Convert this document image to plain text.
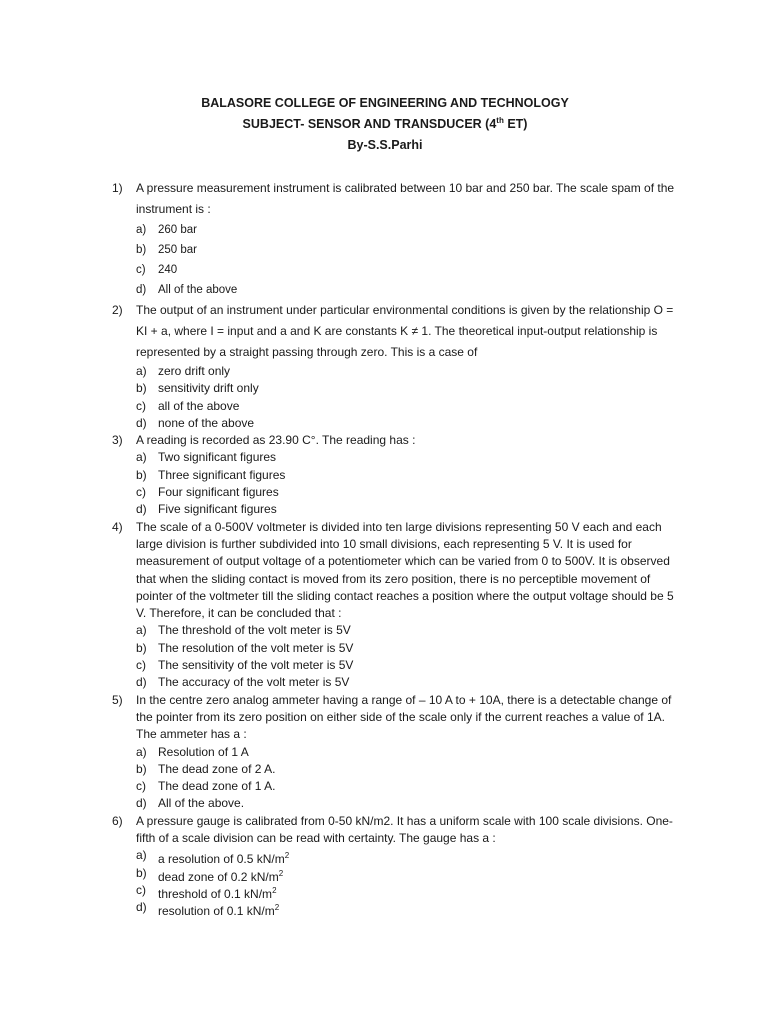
BALASORE COLLEGE OF ENGINEERING AND TECHNOLOGY
SUBJECT- SENSOR AND TRANSDUCER (4th ET)
By-S.S.Parhi
1) A pressure measurement instrument is calibrated between 10 bar and 250 bar. The scale spam of the instrument is :
a) 260 bar
b) 250 bar
c) 240
d) All of the above
2) The output of an instrument under particular environmental conditions is given by the relationship O = KI + a, where I = input and a and K are constants K ≠ 1. The theoretical input-output relationship is represented by a straight passing through zero. This is a case of
a) zero drift only
b) sensitivity drift only
c) all of the above
d) none of the above
3) A reading is recorded as 23.90 C°. The reading has :
a) Two significant figures
b) Three significant figures
c) Four significant figures
d) Five significant figures
4) The scale of a 0-500V voltmeter is divided into ten large divisions representing 50 V each and each large division is further subdivided into 10 small divisions, each representing 5 V. It is used for measurement of output voltage of a potentiometer which can be varied from 0 to 500V. It is observed that when the sliding contact is moved from its zero position, there is no perceptible movement of pointer of the voltmeter till the sliding contact reaches a position where the output voltage should be 5 V. Therefore, it can be concluded that :
a) The threshold of the volt meter is 5V
b) The resolution of the volt meter is 5V
c) The sensitivity of the volt meter is 5V
d) The accuracy of the volt meter is 5V
5) In the centre zero analog ammeter having a range of – 10 A to + 10A, there is a detectable change of the pointer from its zero position on either side of the scale only if the current reaches a value of 1A. The ammeter has a :
a) Resolution of 1 A
b) The dead zone of 2 A.
c) The dead zone of 1 A.
d) All of the above.
6) A pressure gauge is calibrated from 0-50 kN/m2. It has a uniform scale with 100 scale divisions. One-fifth of a scale division can be read with certainty. The gauge has a :
a) a resolution of 0.5 $kN/m^2$
b) dead zone of 0.2 $kN/m^2$
c) threshold of 0.1 $kN/m^2$
d) resolution of 0.1 $kN/m^2$
